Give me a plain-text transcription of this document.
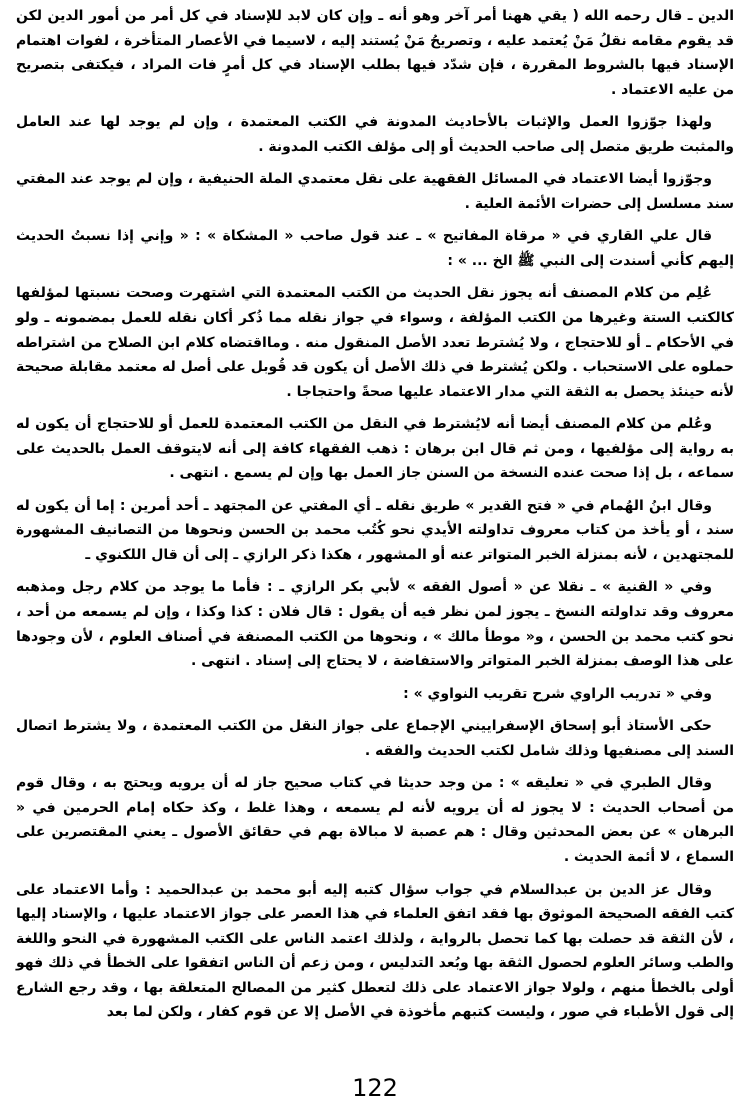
الدين ـ قال رحمه الله ( يقي ههنا أمر آخر وهو أنه ـ وإن كان لابد للإسناد في كل أمر من أمور الدين لكن قد يقوم مقامه نقلُ مَنْ يُعتمد عليه ، وتصريحُ مَنْ يُستند إليه ، لاسيما في الأعصار المتأخرة ، لفوات اهتمام الإسناد فيها بالشروط المقررة ، فإن شدّد فيها بطلب الإسناد في كل أمرٍ فات المراد ، فيكتفى بتصريح من عليه الاعتماد .

ولهذا جوّزوا العمل والإثبات بالأحاديث المدونة في الكتب المعتمدة ، وإن لم يوجد لها عند العامل والمثبت طريق متصل إلى صاحب الحديث أو إلى مؤلف الكتب المدونة .

وجوّزوا أيضا الاعتماد في المسائل الفقهية على نقل معتمدي الملة الحنيفية ، وإن لم يوجد عند المفتي سند مسلسل إلى حضرات الأئمة العلية .

قال علي القاري في « مرقاة المفاتيح » ـ عند قول صاحب « المشكاة » : « وإني إذا نسبتُ الحديث إليهم كأني أسندت إلى النبي ﷺ الخ ... » :

عُلِم من كلام المصنف أنه يجوز نقل الحديث من الكتب المعتمدة التي اشتهرت وصحت نسبتها لمؤلفها كالكتب الستة وغيرها من الكتب المؤلفة ، وسواء في جواز نقله مما ذُكر أكان نقله للعمل بمضمونه ـ ولو في الأحكام ـ أو للاحتجاج ، ولا يُشترط تعدد الأصل المنقول منه . ومااقتضاه كلام ابن الصلاح من اشتراطه حملوه على الاستحباب . ولكن يُشترط في ذلك الأصل أن يكون قد قُوبل على أصل له معتمد مقابلة صحيحة لأنه حينئذ يحصل به الثقة التي مدار الاعتماد عليها صحةً واحتجاجا .

وعُلم من كلام المصنف أيضا أنه لايُشترط في النقل من الكتب المعتمدة للعمل أو للاحتجاج أن يكون له به رواية إلى مؤلفيها ، ومن ثم قال ابن برهان : ذهب الفقهاء كافة إلى أنه لايتوقف العمل بالحديث على سماعه ، بل إذا صحت عنده النسخة من السنن جاز العمل بها وإن لم يسمع . انتهى .

وقال ابنُ الهُمام في « فتح القدير » طريق نقله ـ أي المفتي عن المجتهد ـ أحد أمرين : إما أن يكون له سند ، أو يأخذ من كتاب معروف تداولته الأيدي نحو كُتُب محمد بن الحسن ونحوها من التصانيف المشهورة للمجتهدين ، لأنه بمنزلة الخبر المتواتر عنه أو المشهور ، هكذا ذكر الرازي ـ إلى أن قال اللكنوي ـ

وفي « القنية » ـ نقلا عن « أصول الفقه » لأبي بكر الرازي ـ : فأما ما يوجد من كلام رجل ومذهبه معروف وقد تداولته النسخ ـ يجوز لمن نظر فيه أن يقول : قال فلان : كذا وكذا ، وإن لم يسمعه من أحد ، نحو كتب محمد بن الحسن ، و« موطأ مالك » ، ونحوها من الكتب المصنفة في أصناف العلوم ، لأن وجودها على هذا الوصف بمنزلة الخبر المتواتر والاستفاضة ، لا يحتاج إلى إسناد . انتهى .

وفي « تدريب الراوي شرح تقريب النواوي » :

حكى الأستاذ أبو إسحاق الإسفراييني الإجماع على جواز النقل من الكتب المعتمدة ، ولا يشترط اتصال السند إلى مصنفيها وذلك شامل لكتب الحديث والفقه .

وقال الطبري في « تعليقه » : من وجد حديثا في كتاب صحيح جاز له أن يرويه ويحتج به ، وقال قوم من أصحاب الحديث : لا يجوز له أن يرويه لأنه لم يسمعه ، وهذا غلط ، وكذ حكاه إمام الحرمين في « البرهان » عن بعض المحدثين وقال : هم عصبة لا مبالاة بهم في حقائق الأصول ـ يعني المقتصرين على السماع ، لا أئمة الحديث .

وقال عز الدين بن عبدالسلام في جواب سؤال كتبه إليه أبو محمد بن عبدالحميد : وأما الاعتماد على كتب الفقه الصحيحة الموثوق بها فقد اتفق العلماء في هذا العصر على جواز الاعتماد عليها ، والإسناد إليها ، لأن الثقة قد حصلت بها كما تحصل بالرواية ، ولذلك اعتمد الناس على الكتب المشهورة في النحو واللغة والطب وسائر العلوم لحصول الثقة بها وبُعد التدليس ، ومن زعم أن الناس اتفقوا على الخطأ في ذلك فهو أولى بالخطأ منهم ، ولولا جواز الاعتماد على ذلك لتعطل كثير من المصالح المتعلقة بها ، وقد رجع الشارع إلى قول الأطباء في صور ، وليست كتبهم مأخوذة في الأصل إلا عن قوم كفار ، ولكن لما بعد

122
